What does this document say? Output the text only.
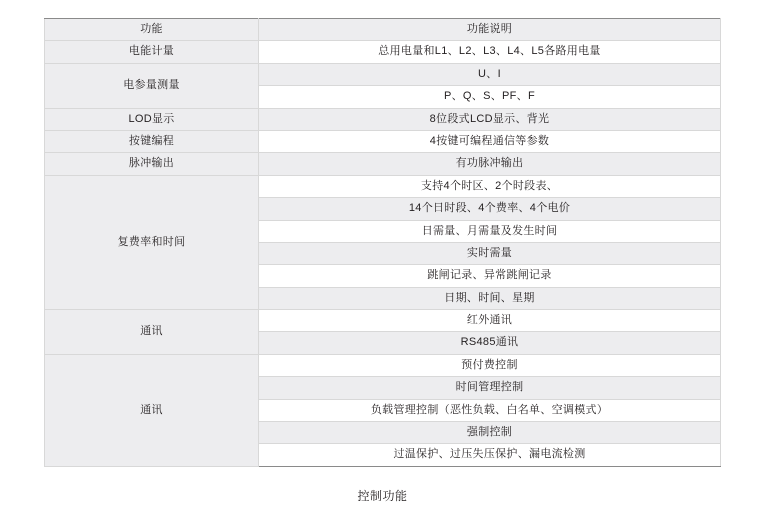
功能	功能说明
电能计量	总用电量和L1、L2、L3、L4、L5各路用电量
电参量测量	U、I
	P、Q、S、PF、F
LOD显示	8位段式LCD显示、背光
按键编程	4按键可编程通信等参数
脉冲输出	有功脉冲输出
复费率和时间	支持4个时区、2个时段表、
	14个日时段、4个费率、4个电价
	日需量、月需量及发生时间
	实时需量
	跳闸记录、异常跳闸记录
	日期、时间、星期
通讯	红外通讯
	RS485通讯
通讯	预付费控制
	时间管理控制
	负载管理控制（恶性负载、白名单、空调模式）
	强制控制
	过温保护、过压失压保护、漏电流检测
控制功能
